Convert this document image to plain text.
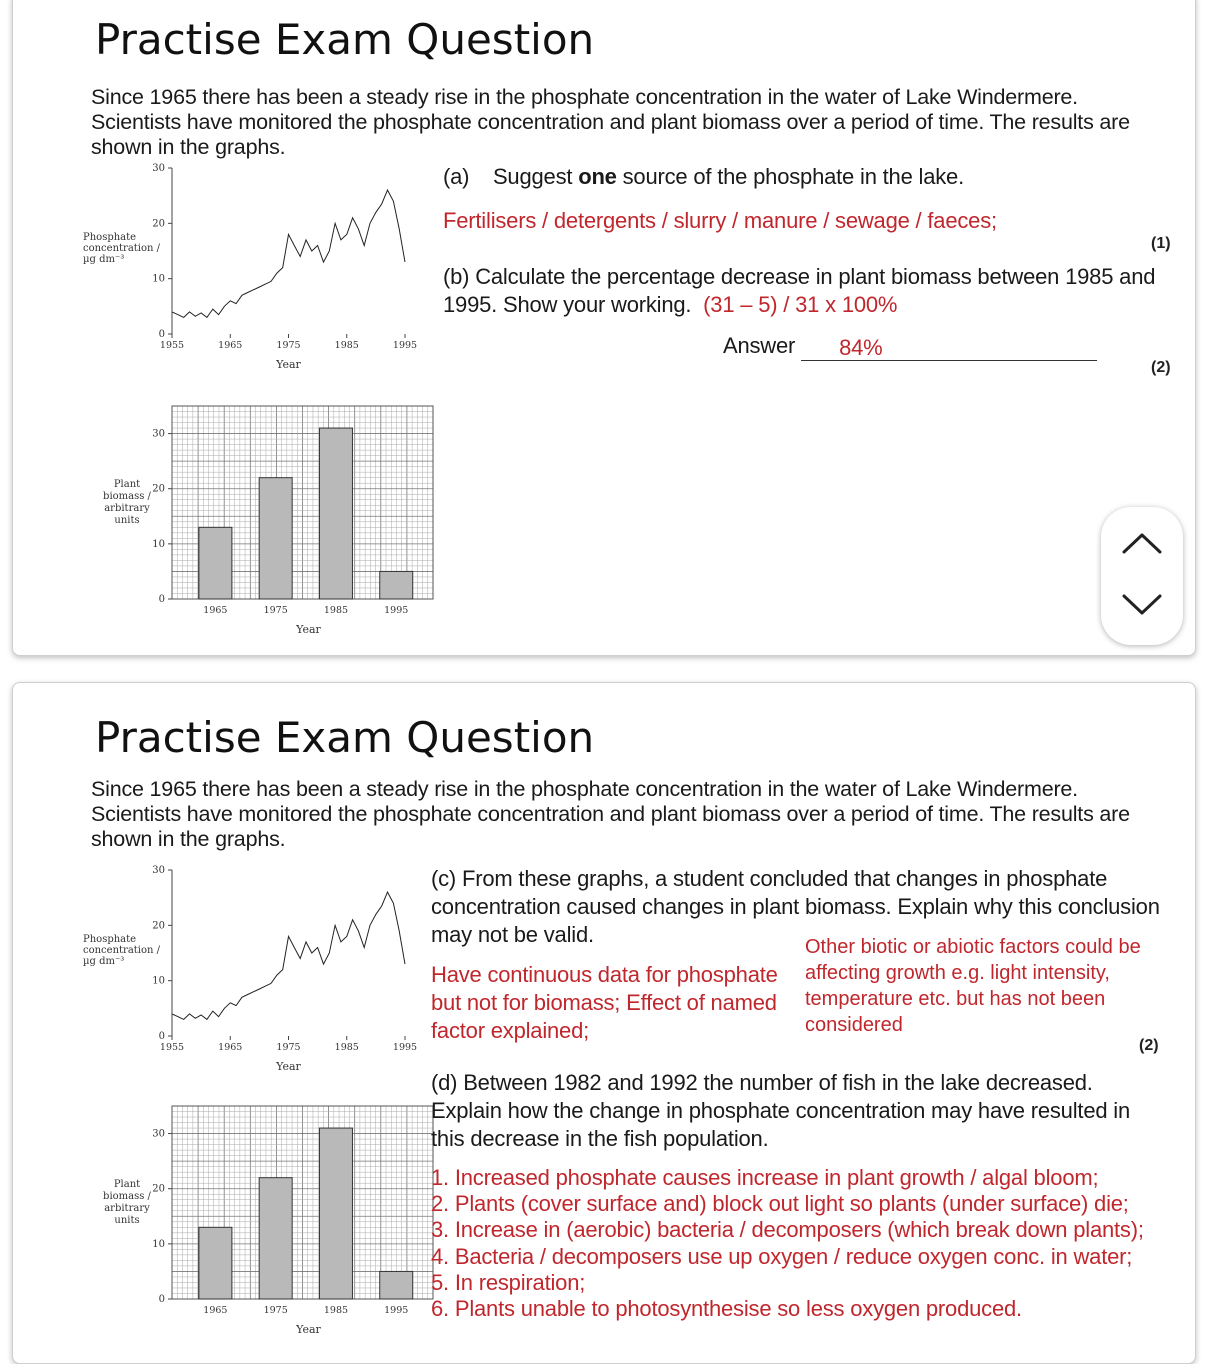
Practise Exam Question
Since 1965 there has been a steady rise in the phosphate concentration in the water of Lake Windermere. Scientists have monitored the phosphate concentration and plant biomass over a period of time. The results are shown in the graphs.
0
10
20
30
1955	1965	1975	1985	1995
Year
Phosphate
concentration /
µg dm⁻³
0
10
20
30
1965	1975	1985	1995
Year
Plant
biomass /
arbitrary
units
(a) Suggest one source of the phosphate in the lake.
Fertilisers / detergents / slurry / manure / sewage / faeces;
(1)
(b) Calculate the percentage decrease in plant biomass between 1985 and 1995. Show your working. (31 – 5) / 31 x 100%
Answer 84%

(2)
Practise Exam Question
Since 1965 there has been a steady rise in the phosphate concentration in the water of Lake Windermere. Scientists have monitored the phosphate concentration and plant biomass over a period of time. The results are shown in the graphs.
0
10
20
30
1955	1965	1975	1985	1995
Year
Phosphate
concentration /
µg dm⁻³
0
10
20
30
1965	1975	1985	1995
Year
Plant
biomass /
arbitrary
units
(c) From these graphs, a student concluded that changes in phosphate concentration caused changes in plant biomass. Explain why this conclusion may not be valid.
Have continuous data for phosphate but not for biomass; Effect of named factor explained;
Other biotic or abiotic factors could be affecting growth e.g. light intensity, temperature etc. but has not been considered
(2)
(d) Between 1982 and 1992 the number of fish in the lake decreased. Explain how the change in phosphate concentration may have resulted in this decrease in the fish population.
1. Increased phosphate causes increase in plant growth / algal bloom;
2. Plants (cover surface and) block out light so plants (under surface) die;
3. Increase in (aerobic) bacteria / decomposers (which break down plants);
4. Bacteria / decomposers use up oxygen / reduce oxygen conc. in water;
5. In respiration;
6. Plants unable to photosynthesise so less oxygen produced.
